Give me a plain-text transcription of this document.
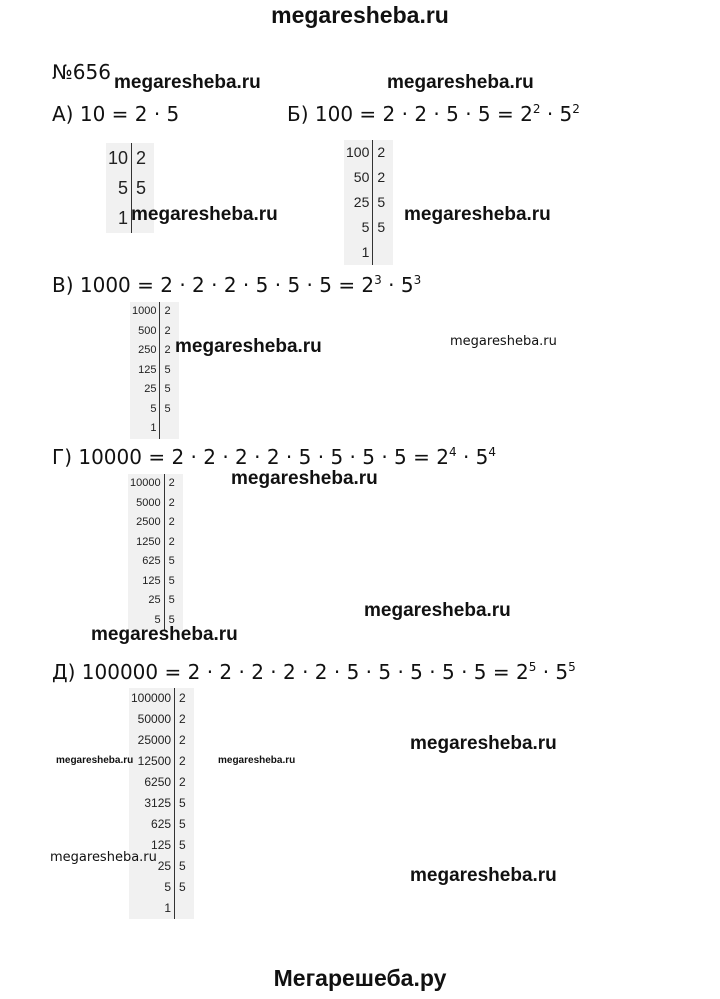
megaresheba.ru
№656
А) 10 = 2 · 5	Б) $100 = 2 \cdot 2 \cdot 5 \cdot 5 = 2^2 \cdot 5^2$
В) $1000 = 2 \cdot 2 \cdot 2 \cdot 5 \cdot 5 \cdot 5 = 2^3 \cdot 5^3$
Г) $10000 = 2 \cdot 2 \cdot 2 \cdot 2 \cdot 5 \cdot 5 \cdot 5 \cdot 5 = 2^4 \cdot 5^4$
Д) $100000 = 2 \cdot 2 \cdot 2 \cdot 2 \cdot 2 \cdot 5 \cdot 5 \cdot 5 \cdot 5 \cdot 5 = 2^5 \cdot 5^5$
10	2
5	5
1	
100	2
50	2
25	5
5	5
1	
1000	2
500	2
250	2
125	5
25	5
5	5
1	
10000	2
5000	2
2500	2
1250	2
625	5
125	5
25	5
5	5
100000	2
50000	2
25000	2
12500	2
6250	2
3125	5
625	5
125	5
25	5
5	5
1	
megaresheba.ru	megaresheba.ru
megaresheba.ru	megaresheba.ru
megaresheba.ru	megaresheba.ru
megaresheba.ru
megaresheba.ru
megaresheba.ru
megaresheba.ru
megaresheba.ru	megaresheba.ru
megaresheba.ru
megaresheba.ru
Мегарешеба.ру
